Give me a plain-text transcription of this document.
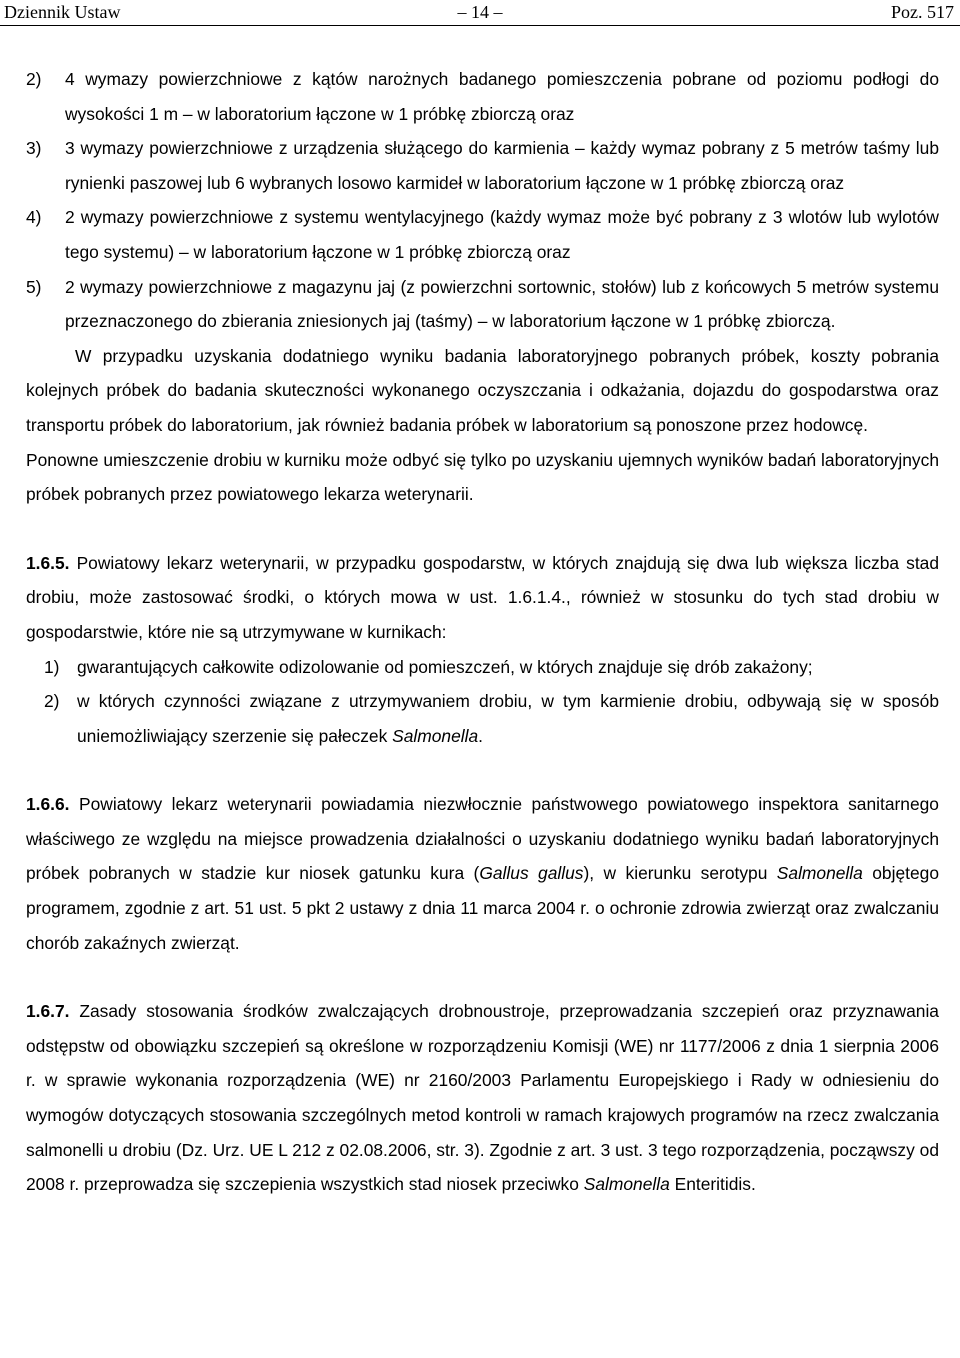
Dziennik Ustaw	– 14 –	Poz. 517
2) 4 wymazy powierzchniowe z kątów narożnych badanego pomieszczenia pobrane od poziomu podłogi do wysokości 1 m – w laboratorium łączone w 1 próbkę zbiorczą oraz
3) 3 wymazy powierzchniowe z urządzenia służącego do karmienia – każdy wymaz pobrany z 5 metrów taśmy lub rynienki paszowej lub 6 wybranych losowo karmideł w laboratorium łączone w 1 próbkę zbiorczą oraz
4) 2 wymazy powierzchniowe z systemu wentylacyjnego (każdy wymaz może być pobrany z 3 wlotów lub wylotów tego systemu) – w laboratorium łączone w 1 próbkę zbiorczą oraz
5) 2 wymazy powierzchniowe z magazynu jaj (z powierzchni sortownic, stołów) lub z końcowych 5 metrów systemu przeznaczonego do zbierania zniesionych jaj (taśmy) – w laboratorium łączone w 1 próbkę zbiorczą.

W przypadku uzyskania dodatniego wyniku badania laboratoryjnego pobranych próbek, koszty pobrania kolejnych próbek do badania skuteczności wykonanego oczyszczania i odkażania, dojazdu do gospodarstwa oraz transportu próbek do laboratorium, jak również badania próbek w laboratorium są ponoszone przez hodowcę.

Ponowne umieszczenie drobiu w kurniku może odbyć się tylko po uzyskaniu ujemnych wyników badań laboratoryjnych próbek pobranych przez powiatowego lekarza weterynarii.

1.6.5. Powiatowy lekarz weterynarii, w przypadku gospodarstw, w których znajdują się dwa lub większa liczba stad drobiu, może zastosować środki, o których mowa w ust. 1.6.1.4., również w stosunku do tych stad drobiu w gospodarstwie, które nie są utrzymywane w kurnikach:

1) gwarantujących całkowite odizolowanie od pomieszczeń, w których znajduje się drób zakażony;
2) w których czynności związane z utrzymywaniem drobiu, w tym karmienie drobiu, odbywają się w sposób uniemożliwiający szerzenie się pałeczek Salmonella.

1.6.6. Powiatowy lekarz weterynarii powiadamia niezwłocznie państwowego powiatowego inspektora sanitarnego właściwego ze względu na miejsce prowadzenia działalności o uzyskaniu dodatniego wyniku badań laboratoryjnych próbek pobranych w stadzie kur niosek gatunku kura (Gallus gallus), w kierunku serotypu Salmonella objętego programem, zgodnie z art. 51 ust. 5 pkt 2 ustawy z dnia 11 marca 2004 r. o ochronie zdrowia zwierząt oraz zwalczaniu chorób zakaźnych zwierząt.

1.6.7. Zasady stosowania środków zwalczających drobnoustroje, przeprowadzania szczepień oraz przyznawania odstępstw od obowiązku szczepień są określone w rozporządzeniu Komisji (WE) nr 1177/2006 z dnia 1 sierpnia 2006 r. w sprawie wykonania rozporządzenia (WE) nr 2160/2003 Parlamentu Europejskiego i Rady w odniesieniu do wymogów dotyczących stosowania szczególnych metod kontroli w ramach krajowych programów na rzecz zwalczania salmonelli u drobiu (Dz. Urz. UE L 212 z 02.08.2006, str. 3). Zgodnie z art. 3 ust. 3 tego rozporządzenia, począwszy od 2008 r. przeprowadza się szczepienia wszystkich stad niosek przeciwko Salmonella Enteritidis.
